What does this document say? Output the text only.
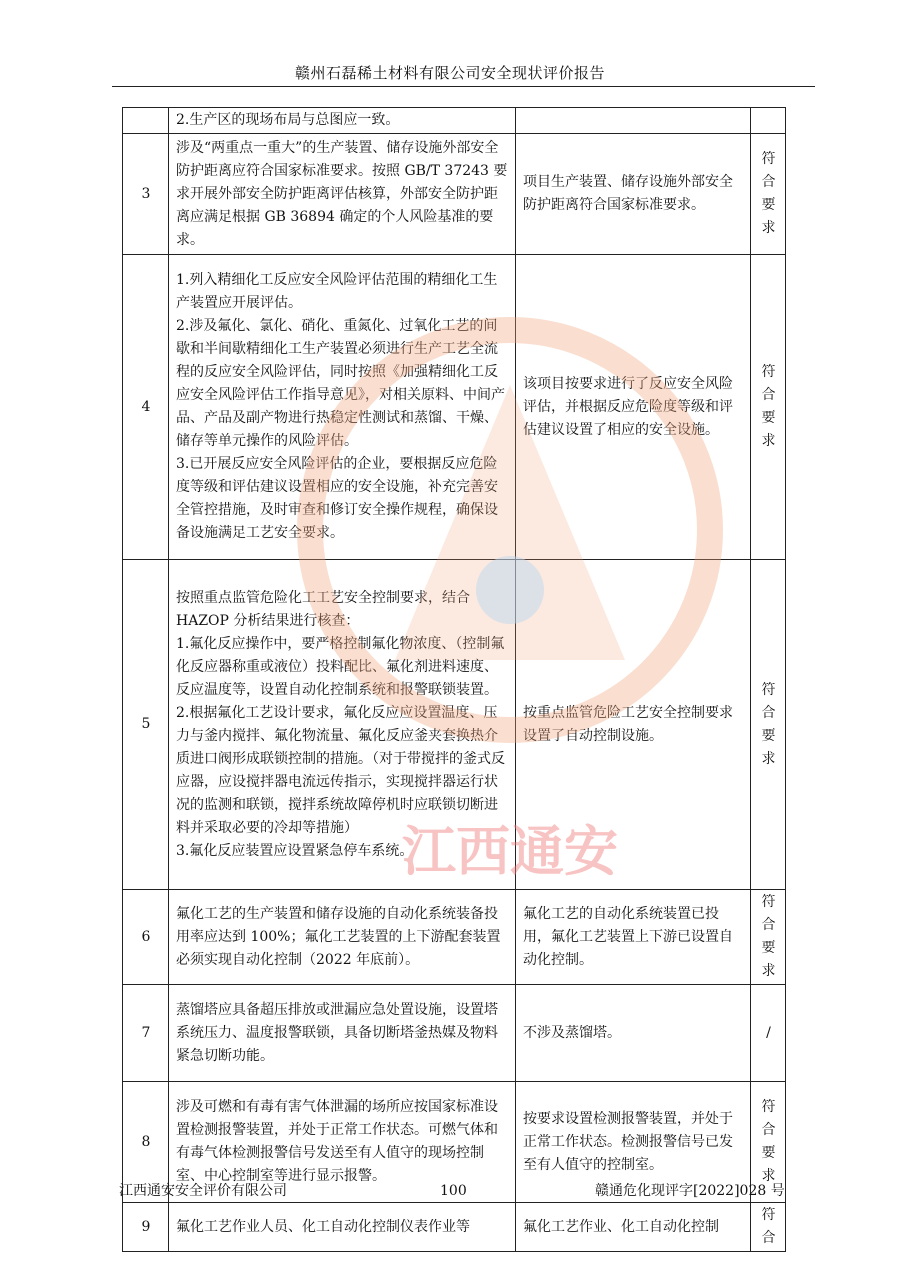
赣州石磊稀土材料有限公司安全现状评价报告

	2.生产区的现场布局与总图应一致。		

3	涉及“两重点一重大”的生产装置、储存设施外部安全防护距离应符合国家标准要求。按照 GB/T 37243 要求开展外部安全防护距离评估核算，外部安全防护距离应满足根据 GB 36894 确定的个人风险基准的要求。	项目生产装置、储存设施外部安全防护距离符合国家标准要求。	符合要求
4	1.列入精细化工反应安全风险评估范围的精细化工生产装置应开展评估。
2.涉及氟化、氯化、硝化、重氮化、过氧化工艺的间歇和半间歇精细化工生产装置必须进行生产工艺全流程的反应安全风险评估，同时按照《加强精细化工反应安全风险评估工作指导意见》，对相关原料、中间产品、产品及副产物进行热稳定性测试和蒸馏、干燥、储存等单元操作的风险评估。
3.已开展反应安全风险评估的企业，要根据反应危险度等级和评估建议设置相应的安全设施，补充完善安全管控措施，及时审查和修订安全操作规程，确保设备设施满足工艺安全要求。	该项目按要求进行了反应安全风险评估，并根据反应危险度等级和评估建议设置了相应的安全设施。	符合要求
5	按照重点监管危险化工工艺安全控制要求，结合 HAZOP 分析结果进行核查：
1.氟化反应操作中，要严格控制氟化物浓度、（控制氟化反应器称重或液位）投料配比、氟化剂进料速度、反应温度等，设置自动化控制系统和报警联锁装置。
2.根据氟化工艺设计要求，氟化反应应设置温度、压力与釜内搅拌、氟化物流量、氟化反应釜夹套换热介质进口阀形成联锁控制的措施。（对于带搅拌的釜式反应器，应设搅拌器电流远传指示，实现搅拌器运行状况的监测和联锁，搅拌系统故障停机时应联锁切断进料并采取必要的冷却等措施）
3.氟化反应装置应设置紧急停车系统。	按重点监管危险工艺安全控制要求设置了自动控制设施。	符合要求
6	氟化工艺的生产装置和储存设施的自动化系统装备投用率应达到 100%；氟化工艺装置的上下游配套装置必须实现自动化控制（2022 年底前）。	氟化工艺的自动化系统装置已投用，氟化工艺装置上下游已设置自动化控制。	符合要求
7	蒸馏塔应具备超压排放或泄漏应急处置设施，设置塔系统压力、温度报警联锁，具备切断塔釜热媒及物料紧急切断功能。	不涉及蒸馏塔。	/
8	涉及可燃和有毒有害气体泄漏的场所应按国家标准设置检测报警装置，并处于正常工作状态。可燃气体和有毒气体检测报警信号发送至有人值守的现场控制室、中心控制室等进行显示报警。	按要求设置检测报警装置，并处于正常工作状态。检测报警信号已发至有人值守的控制室。	符合要求
9	氟化工艺作业人员、化工自动化控制仪表作业等	氟化工艺作业、化工自动化控制	符合
江西通安
江西通安安全评价有限公司	100	赣通危化现评字[2022]028 号
